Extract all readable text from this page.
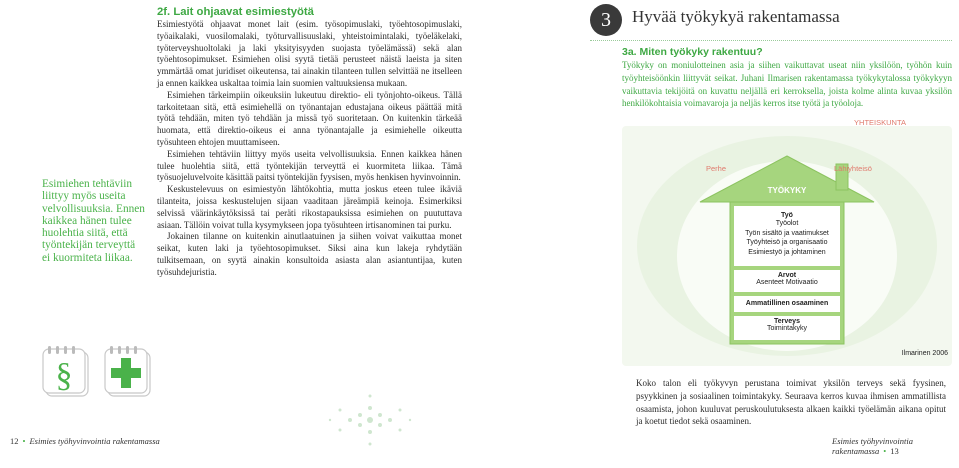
Esimiehen tehtäviin liittyy myös useita velvollisuuksia. Ennen kaikkea hänen tulee huolehtia siitä, että työntekijän terveyttä ei kuormiteta liikaa.
2f. Lait ohjaavat esimiestyötä

Esimiestyötä ohjaavat monet lait (esim. työsopimuslaki, työehtosopimuslaki, työaikalaki, vuosilomalaki, työturvallisuuslaki, yhteistoimintalaki, työeläkelaki, työterveyshuoltolaki ja laki yksityisyyden suojasta työelämässä) sekä alan työehtosopimukset. Esimiehen olisi syytä tietää perusteet näistä laeista ja siten ymmärtää omat juridiset oikeutensa, tai ainakin tilanteen tullen selvittää ne itselleen ja ennen kaikkea uskaltaa toimia lain suomien valtuuksiensa mukaan.

Esimiehen tärkeimpiin oikeuksiin lukeutuu direktio- eli työnjohto-oikeus. Tällä tarkoitetaan sitä, että esimiehellä on työnantajan edustajana oikeus päättää mitä työtä tehdään, miten työ tehdään ja missä työ suoritetaan. On kuitenkin tärkeää huomata, että direktio-oikeus ei anna työnantajalle ja esimiehelle oikeutta työsuhteen ehtojen muuttamiseen.

Esimiehen tehtäviin liittyy myös useita velvollisuuksia. Ennen kaikkea hänen tulee huolehtia siitä, että työntekijän terveyttä ei kuormiteta liikaa. Tämä työsuojeluvelvoite käsittää paitsi työntekijän fyysisen, myös henkisen hyvinvoinnin.

Keskustelevuus on esimiestyön lähtökohtia, mutta joskus eteen tulee ikäviä tilanteita, joissa keskustelujen sijaan vaaditaan järeämpiä keinoja. Esimerkiksi selvissä väärinkäytöksissä tai peräti rikostapauksissa esimiehen on puututtava asiaan. Tällöin voivat tulla kysymykseen jopa työsuhteen irtisanominen tai purku.

Jokainen tilanne on kuitenkin ainutlaatuinen ja siihen voivat vaikuttaa monet seikat, kuten laki ja työehtosopimukset. Siksi aina kun lakeja ryhdytään tulkitsemaan, on syytä ainakin konsultoida asiasta alan asiantuntijaa, kuten työsuhdejuristia.

§
12 • Esimies työhyvinvointia rakentamassa
3	Hyvää työkykyä rakentamassa
3a. Miten työkyky rakentuu?
Työkyky on moniulotteinen asia ja siihen vaikuttavat useat niin yksilöön, työhön kuin työyhteisöönkin liittyvät seikat. Juhani Ilmarisen rakentamassa työkykytalossa työkykyyn vaikuttavia tekijöitä on kuvattu neljällä eri kerroksella, joista kolme alinta kuvaa yksilön henkilökohtaisia voimavaroja ja neljäs kerros itse työtä ja työoloja.
YHTEISKUNTA
Perhe	Lähiyhteisö
TYÖKYKY
Työ
Työolot
Työn sisältö ja vaatimukset
Työyhteisö ja organisaatio
Esimiestyö ja johtaminen
Arvot
Asenteet Motivaatio
Ammatillinen osaaminen
Terveys
Toimintakyky
Ilmarinen 2006
Koko talon eli työkyvyn perustana toimivat yksilön terveys sekä fyysinen, psyykkinen ja sosiaalinen toimintakyky. Seuraava kerros kuvaa ihmisen ammatillista osaamista, johon kuuluvat peruskoulutuksesta alkaen kaikki työelämän aikana opitut ja koetut tiedot sekä osaaminen.
Esimies työhyvinvointia rakentamassa • 13
